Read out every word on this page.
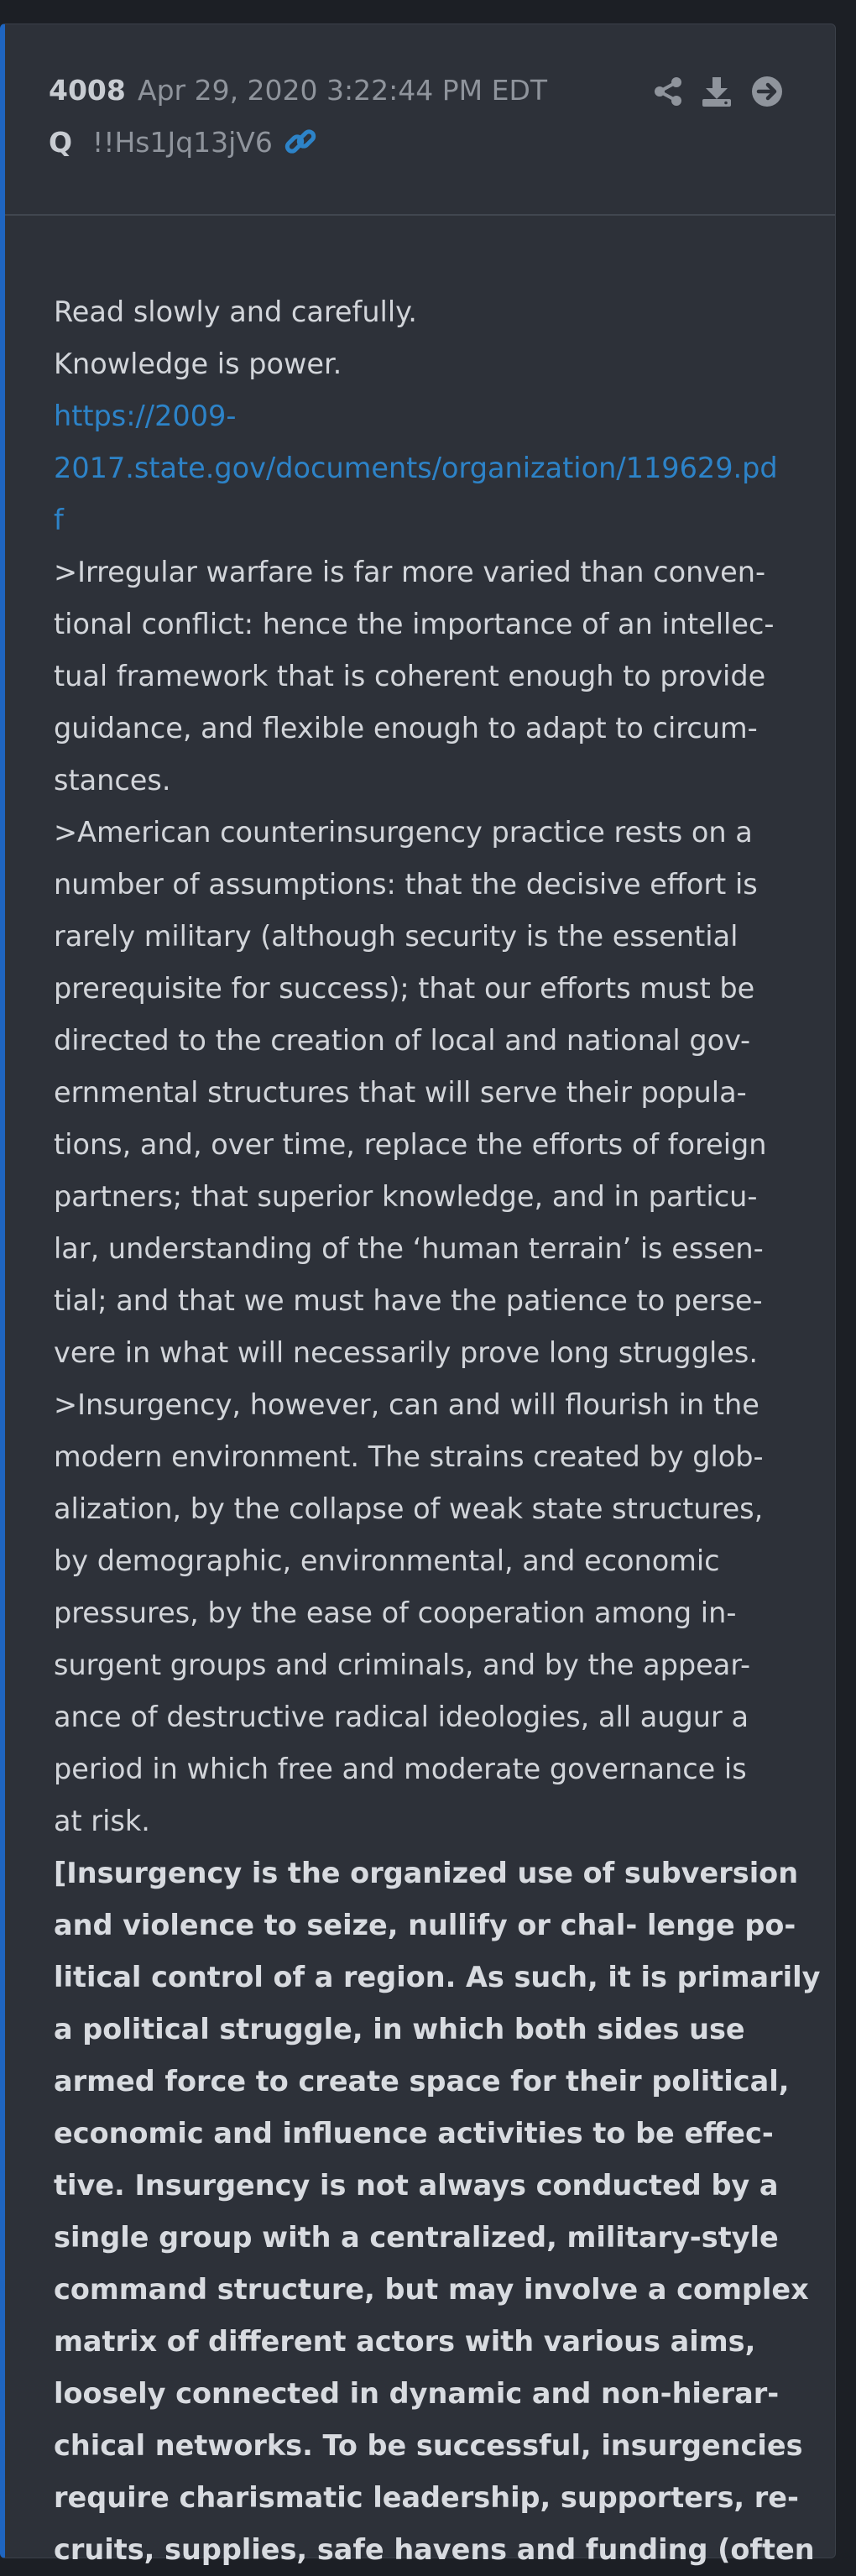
4008 Apr 29, 2020 3:22:44 PM EDT
Q !!Hs1Jq13jV6
Read slowly and carefully.
Knowledge is power.
https://2009-
2017.state.gov/documents/organization/119629.pd
f
>Irregular warfare is far more varied than conven-
tional conflict: hence the importance of an intellec-
tual framework that is coherent enough to provide
guidance, and flexible enough to adapt to circum-
stances.
>American counterinsurgency practice rests on a
number of assumptions: that the decisive effort is
rarely military (although security is the essential
prerequisite for success); that our efforts must be
directed to the creation of local and national gov-
ernmental structures that will serve their popula-
tions, and, over time, replace the efforts of foreign
partners; that superior knowledge, and in particu-
lar, understanding of the ‘human terrain’ is essen-
tial; and that we must have the patience to perse-
vere in what will necessarily prove long struggles.
>Insurgency, however, can and will flourish in the
modern environment. The strains created by glob-
alization, by the collapse of weak state structures,
by demographic, environmental, and economic
pressures, by the ease of cooperation among in-
surgent groups and criminals, and by the appear-
ance of destructive radical ideologies, all augur a
period in which free and moderate governance is
at risk.
[Insurgency is the organized use of subversion
and violence to seize, nullify or chal- lenge po-
litical control of a region. As such, it is primarily
a political struggle, in which both sides use
armed force to create space for their political,
economic and influence activities to be effec-
tive. Insurgency is not always conducted by a
single group with a centralized, military-style
command structure, but may involve a complex
matrix of different actors with various aims,
loosely connected in dynamic and non-hierar-
chical networks. To be successful, insurgencies
require charismatic leadership, supporters, re-
cruits, supplies, safe havens and funding (often
